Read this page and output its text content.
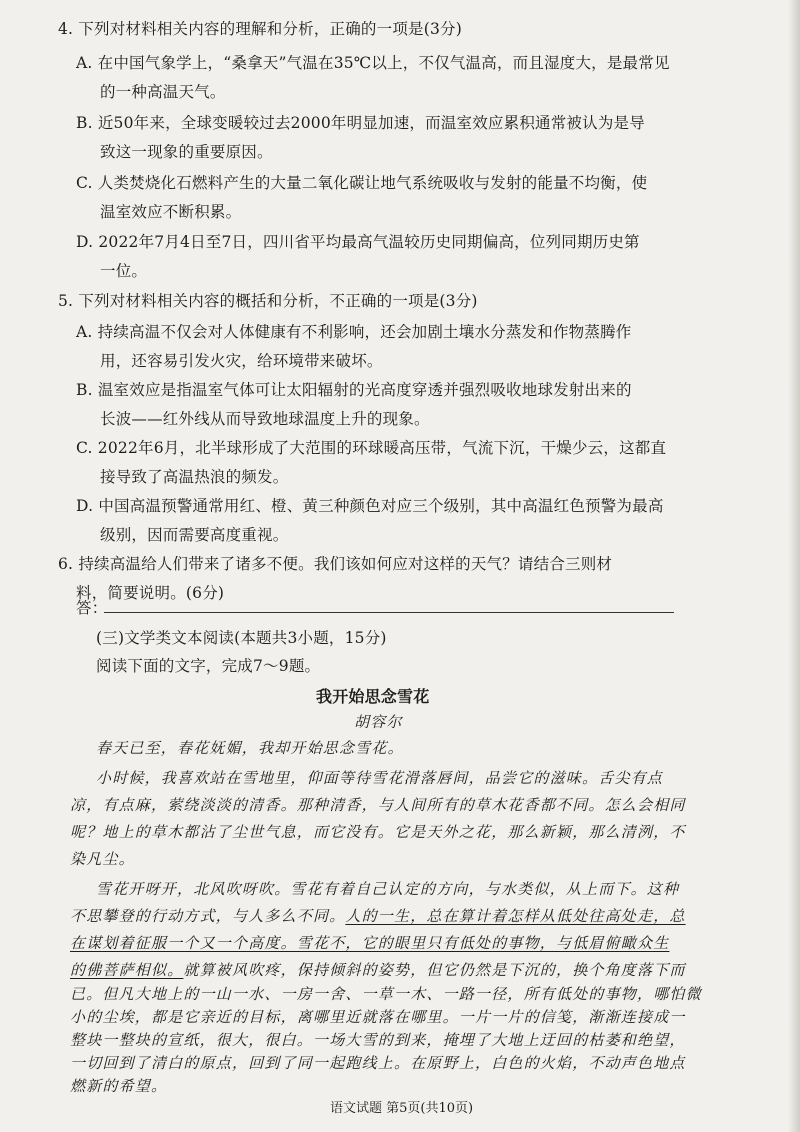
4. 下列对材料相关内容的理解和分析，正确的一项是(3分)
A. 在中国气象学上，“桑拿天”气温在35℃以上，不仅气温高，而且湿度大，是最常见
的一种高温天气。
B. 近50年来，全球变暖较过去2000年明显加速，而温室效应累积通常被认为是导
致这一现象的重要原因。
C. 人类焚烧化石燃料产生的大量二氧化碳让地气系统吸收与发射的能量不均衡，使
温室效应不断积累。
D. 2022年7月4日至7日，四川省平均最高气温较历史同期偏高，位列同期历史第
一位。
5. 下列对材料相关内容的概括和分析，不正确的一项是(3分)
A. 持续高温不仅会对人体健康有不利影响，还会加剧土壤水分蒸发和作物蒸腾作
用，还容易引发火灾，给环境带来破坏。
B. 温室效应是指温室气体可让太阳辐射的光高度穿透并强烈吸收地球发射出来的
长波——红外线从而导致地球温度上升的现象。
C. 2022年6月，北半球形成了大范围的环球暖高压带，气流下沉，干燥少云，这都直
接导致了高温热浪的频发。
D. 中国高温预警通常用红、橙、黄三种颜色对应三个级别，其中高温红色预警为最高
级别，因而需要高度重视。
6. 持续高温给人们带来了诸多不便。我们该如何应对这样的天气？请结合三则材
料，简要说明。(6分)
答：
(三)文学类文本阅读(本题共3小题，15分)
阅读下面的文字，完成7～9题。
我开始思念雪花
胡容尔
春天已至，春花妩媚，我却开始思念雪花。
小时候，我喜欢站在雪地里，仰面等待雪花滑落唇间，品尝它的滋味。舌尖有点
凉，有点麻，萦绕淡淡的清香。那种清香，与人间所有的草木花香都不同。怎么会相同
呢？地上的草木都沾了尘世气息，而它没有。它是天外之花，那么新颖，那么清洌，不
染凡尘。
雪花开呀开，北风吹呀吹。雪花有着自己认定的方向，与水类似，从上而下。这种
不思攀登的行动方式，与人多么不同。人的一生，总在算计着怎样从低处往高处走，总
在谋划着征服一个又一个高度。雪花不，它的眼里只有低处的事物，与低眉俯瞰众生
的佛菩萨相似。就算被风吹疼，保持倾斜的姿势，但它仍然是下沉的，换个角度落下而
已。但凡大地上的一山一水、一房一舍、一草一木、一路一径，所有低处的事物，哪怕微
小的尘埃，都是它亲近的目标，离哪里近就落在哪里。一片一片的信笺，渐渐连接成一
整块一整块的宣纸，很大，很白。一场大雪的到来，掩埋了大地上迂回的枯萎和绝望，
一切回到了清白的原点，回到了同一起跑线上。在原野上，白色的火焰，不动声色地点
语文试题 第5页(共10页)
燃新的希望。
